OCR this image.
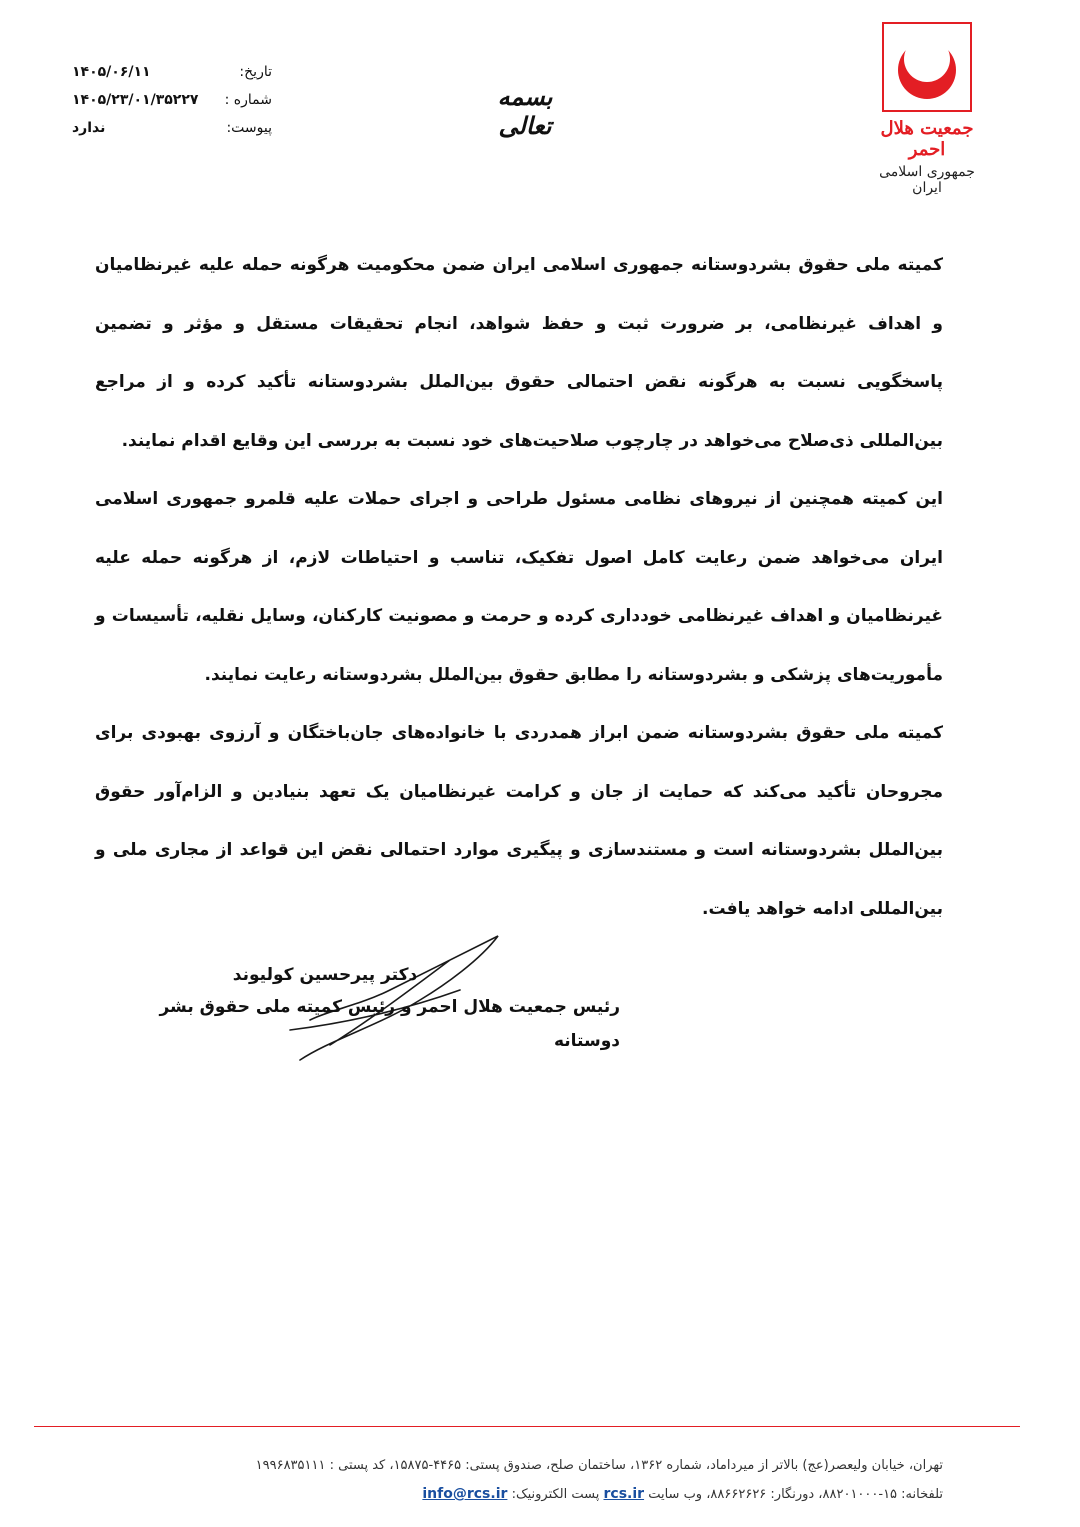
جمعیت هلال احمر
جمهوری اسلامی ایران
بسمه تعالی
تاریخ:
۱۴۰۵/۰۶/۱۱
شماره :
۱۴۰۵/۲۳/۰۱/۳۵۲۲۷
پیوست:
ندارد

کمیته ملی حقوق بشردوستانه جمهوری اسلامی ایران ضمن محکومیت هرگونه حمله علیه غیرنظامیان و اهداف غیرنظامی، بر ضرورت ثبت و حفظ شواهد، انجام تحقیقات مستقل و مؤثر و تضمین پاسخگویی نسبت به هرگونه نقض احتمالی حقوق بین‌الملل بشردوستانه تأکید کرده و از مراجع بین‌المللی ذی‌صلاح می‌خواهد در چارچوب صلاحیت‌های خود نسبت به بررسی این وقایع اقدام نمایند.

این کمیته همچنین از نیروهای نظامی مسئول طراحی و اجرای حملات علیه قلمرو جمهوری اسلامی ایران می‌خواهد ضمن رعایت کامل اصول تفکیک، تناسب و احتیاطات لازم، از هرگونه حمله علیه غیرنظامیان و اهداف غیرنظامی خودداری کرده و حرمت و مصونیت کارکنان، وسایل نقلیه، تأسیسات و مأموریت‌های پزشکی و بشردوستانه را مطابق حقوق بین‌الملل بشردوستانه رعایت نمایند.

کمیته ملی حقوق بشردوستانه ضمن ابراز همدردی با خانواده‌های جان‌باختگان و آرزوی بهبودی برای مجروحان تأکید می‌کند که حمایت از جان و کرامت غیرنظامیان یک تعهد بنیادین و الزام‌آور حقوق بین‌الملل بشردوستانه است و مستندسازی و پیگیری موارد احتمالی نقض این قواعد از مجاری ملی و بین‌المللی ادامه خواهد یافت.

دکتر پیرحسین کولیوند
رئیس جمعیت هلال احمر و رئیس کمیته ملی حقوق بشر دوستانه
تهران، خیابان ولیعصر(عج) بالاتر از میرداماد، شماره ۱۳۶۲، ساختمان صلح، صندوق پستی: ۴۴۶۵-۱۵۸۷۵، کد پستی : ۱۹۹۶۸۳۵۱۱۱
تلفخانه: ۱۵-۸۸۲۰۱۰۰۰، دورنگار: ۸۸۶۶۲۶۲۶، وب سایت rcs.ir پست الکترونیک: info@rcs.ir
